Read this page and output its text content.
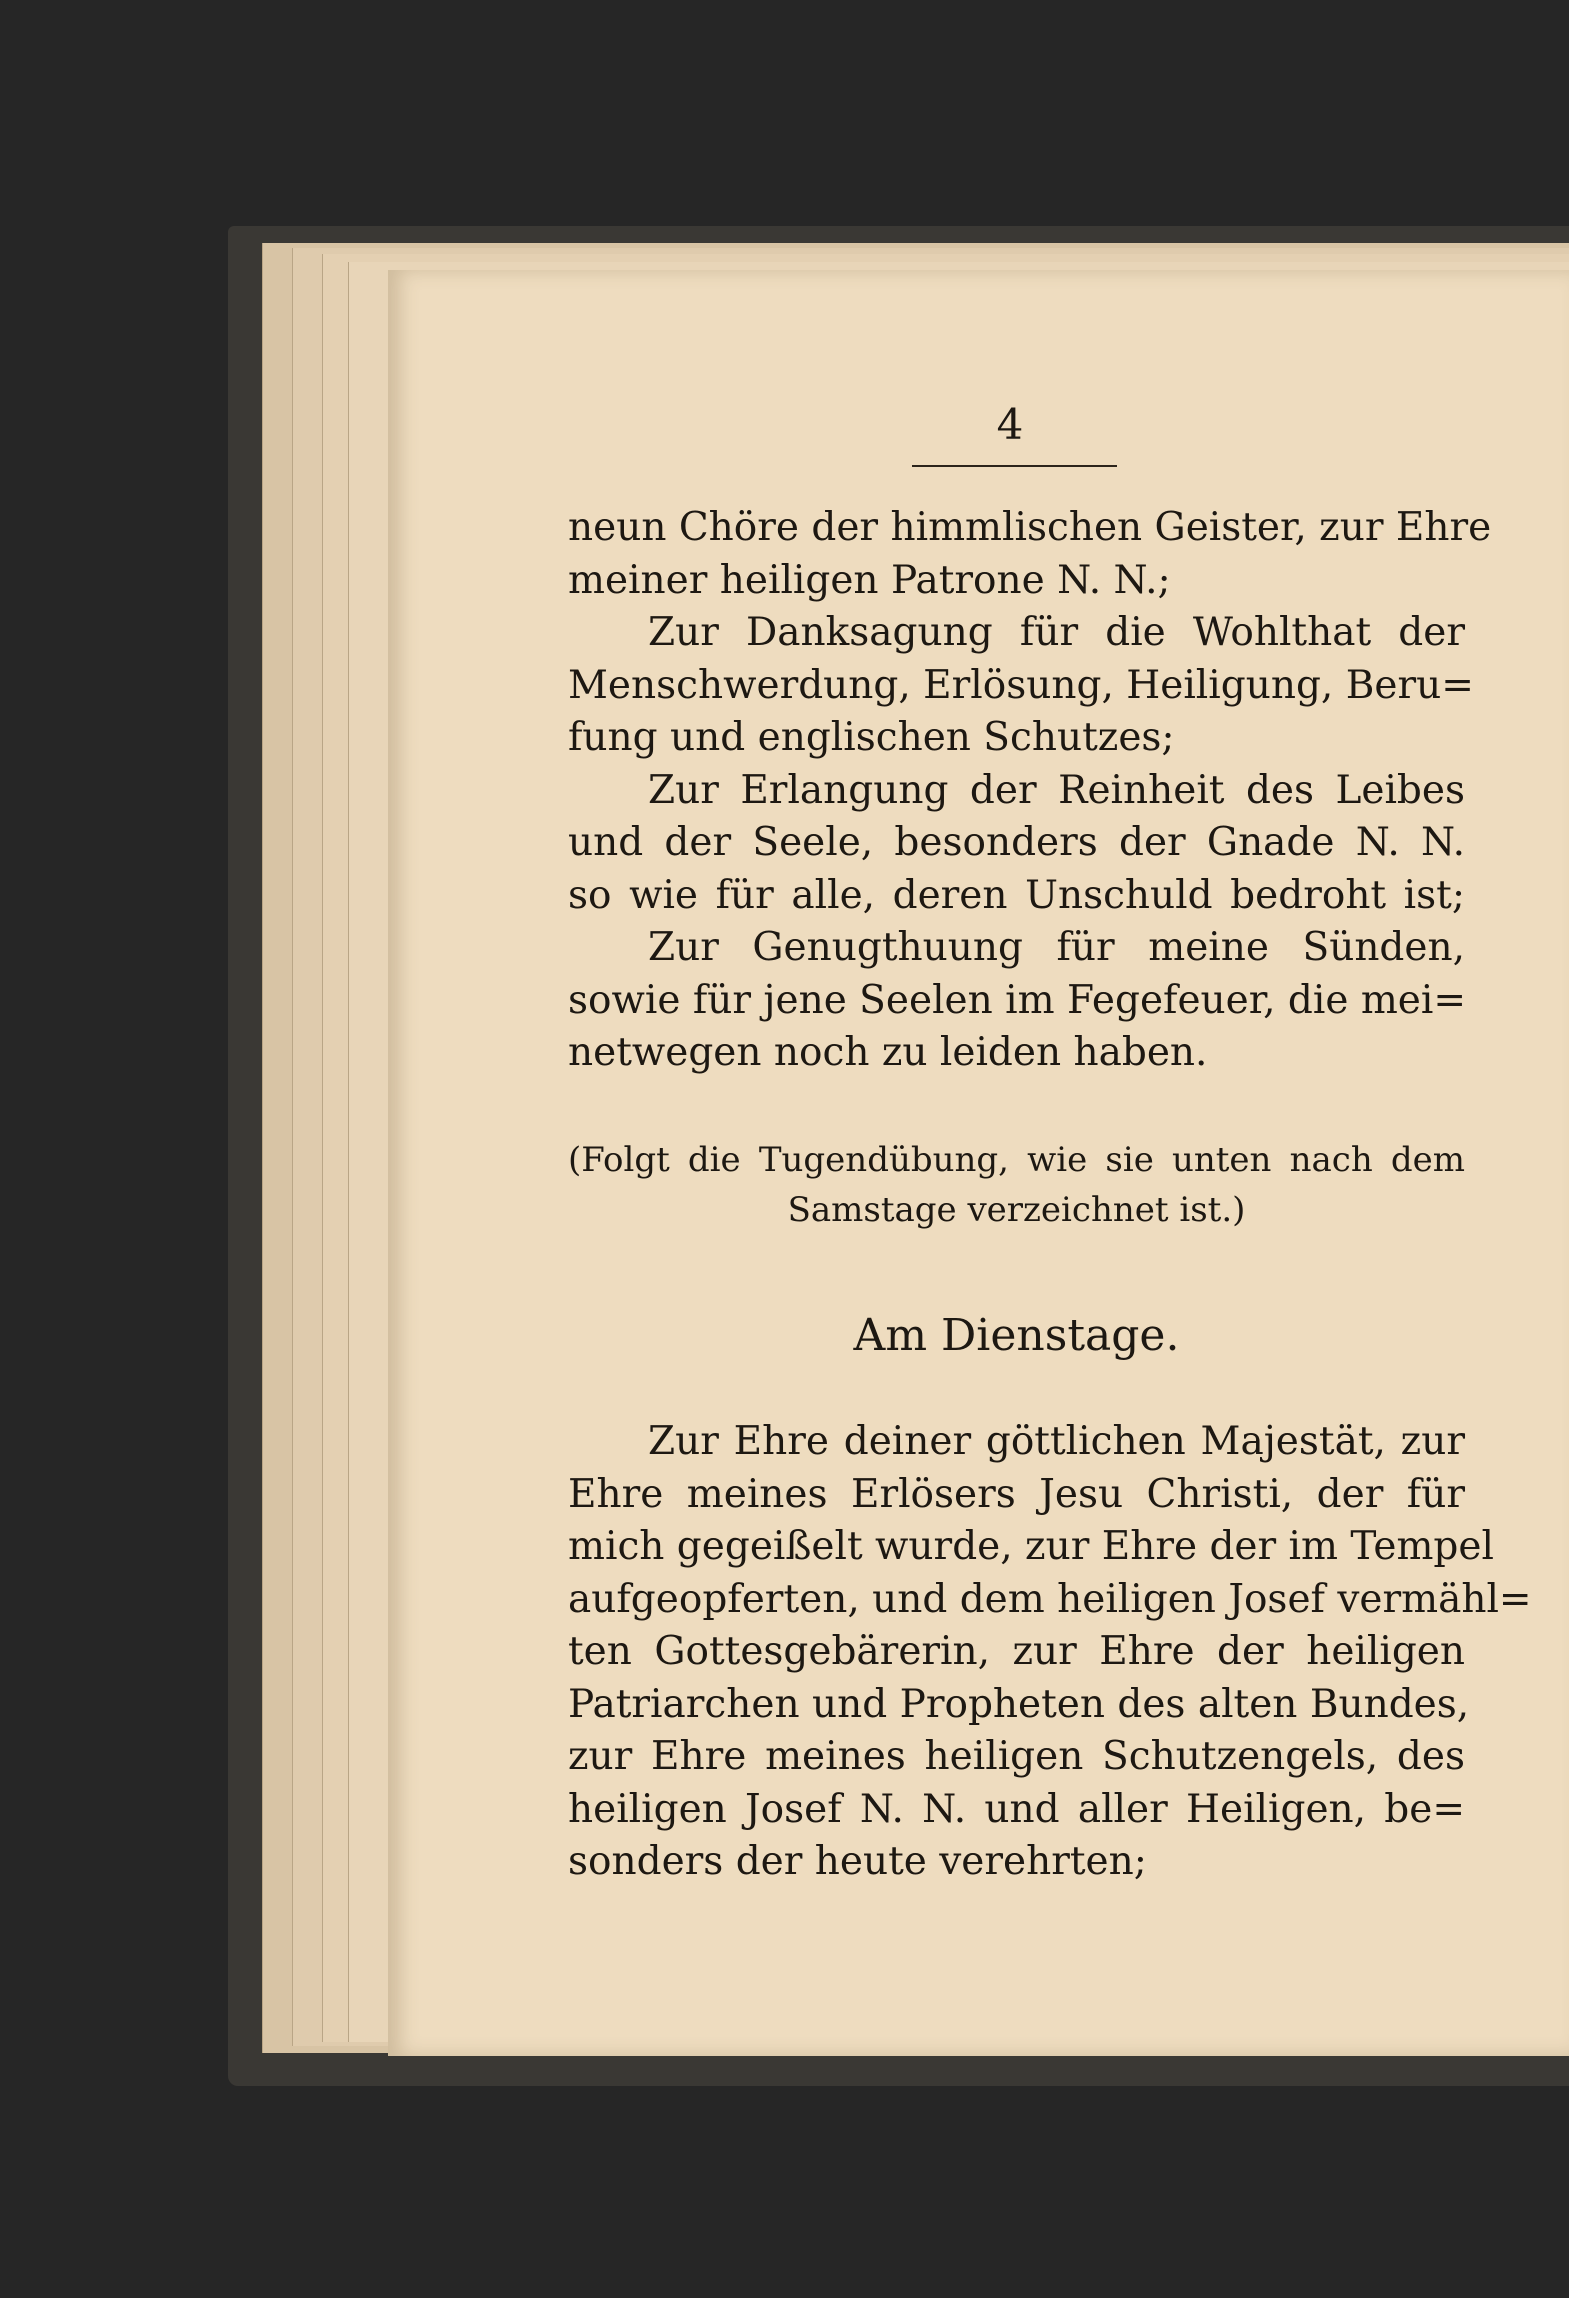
4
neun Chöre der himmlischen Geister, zur Ehre
meiner heiligen Patrone N. N.;
Zur Danksagung für die Wohlthat der
Menschwerdung, Erlösung, Heiligung, Beru=
fung und englischen Schutzes;
Zur Erlangung der Reinheit des Leibes
und der Seele, besonders der Gnade N. N.
so wie für alle, deren Unschuld bedroht ist;
Zur Genugthuung für meine Sünden,
sowie für jene Seelen im Fegefeuer, die mei=
netwegen noch zu leiden haben.
(Folgt die Tugendübung, wie sie unten nach dem
Samstage verzeichnet ist.)
Am Dienstage.
Zur Ehre deiner göttlichen Majestät, zur
Ehre meines Erlösers Jesu Christi, der für
mich gegeißelt wurde, zur Ehre der im Tempel
aufgeopferten, und dem heiligen Josef vermähl=
ten Gottesgebärerin, zur Ehre der heiligen
Patriarchen und Propheten des alten Bundes,
zur Ehre meines heiligen Schutzengels, des
heiligen Josef N. N. und aller Heiligen, be=
sonders der heute verehrten;
